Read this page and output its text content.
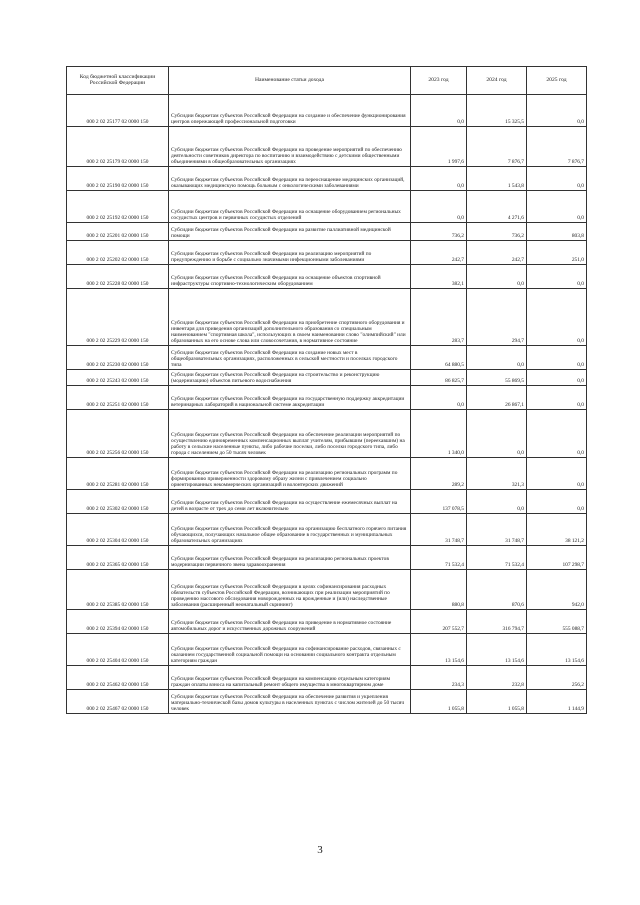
Код бюджетной классификации Российской Федерации	Наименование статьи дохода	2023 год	2024 год	2025 год
000 2 02 25177 02 0000 150	Субсидии бюджетам субъектов Российской Федерации на создание и обеспечение функционирования центров опережающей профессиональной подготовки	0,0	15 325,5	0,0
000 2 02 25179 02 0000 150	Субсидии бюджетам субъектов Российской Федерации на проведение мероприятий по обеспечению деятельности советников директора по воспитанию и взаимодействию с детскими общественными объединениями в общеобразовательных организациях	1 997,6	7 876,7	7 876,7
000 2 02 25190 02 0000 150	Субсидии бюджетам субъектов Российской Федерации на переоснащение медицинских организаций, оказывающих медицинскую помощь больным с онкологическими заболеваниями	0,0	1 543,8	0,0
000 2 02 25192 02 0000 150	Субсидии бюджетам субъектов Российской Федерации на оснащение оборудованием региональных сосудистых центров и первичных сосудистых отделений	0,0	4 271,6	0,0
000 2 02 25201 02 0000 150	Субсидии бюджетам субъектов Российской Федерации на развитие паллиативной медицинской помощи	736,2	736,2	803,8
000 2 02 25202 02 0000 150	Субсидии бюджетам субъектов Российской Федерации на реализацию мероприятий по предупреждению и борьбе с социально значимыми инфекционными заболеваниями	242,7	242,7	251,0
000 2 02 25228 02 0000 150	Субсидии бюджетам субъектов Российской Федерации на оснащение объектов спортивной инфраструктуры спортивно-технологическим оборудованием	382,1	0,0	0,0
000 2 02 25229 02 0000 150	Субсидии бюджетам субъектов Российской Федерации на приобретение спортивного оборудования и инвентаря для приведения организаций дополнительного образования со специальным наименованием "спортивная школа", использующих в своем наименовании слово "олимпийский" или образованных на его основе слова или словосочетания, в нормативное состояние	283,7	294,7	0,0
000 2 02 25230 02 0000 150	Субсидии бюджетам субъектов Российской Федерации на создание новых мест в общеобразовательных организациях, расположенных в сельской местности и поселках городского типа	64 880,5	0,0	0,0
000 2 02 25243 02 0000 150	Субсидии бюджетам субъектов Российской Федерации на строительство и реконструкцию (модернизацию) объектов питьевого водоснабжения	86 825,7	55 869,5	0,0
000 2 02 25251 02 0000 150	Субсидии бюджетам субъектов Российской Федерации на государственную поддержку аккредитации ветеринарных лабораторий в национальной системе аккредитации	0,0	26 867,1	0,0
000 2 02 25256 02 0000 150	Субсидии бюджетам субъектов Российской Федерации на обеспечение реализации мероприятий по осуществлению единовременных компенсационных выплат учителям, прибывшим (переехавшим) на работу в сельские населенные пункты, либо рабочие поселки, либо поселки городского типа, либо города с населением до 50 тысяч человек	1 340,0	0,0	0,0
000 2 02 25281 02 0000 150	Субсидии бюджетам субъектов Российской Федерации на реализацию региональных программ по формированию приверженности здоровому образу жизни с привлечением социально ориентированных некоммерческих организаций и волонтерских движений	289,2	321,3	0,0
000 2 02 25302 02 0000 150	Субсидии бюджетам субъектов Российской Федерации на осуществление ежемесячных выплат на детей в возрасте от трех до семи лет включительно	137 078,5	0,0	0,0
000 2 02 25304 02 0000 150	Субсидии бюджетам субъектов Российской Федерации на организацию бесплатного горячего питания обучающихся, получающих начальное общее образование в государственных и муниципальных образовательных организациях	31 748,7	31 748,7	38 121,2
000 2 02 25365 02 0000 150	Субсидии бюджетам субъектов Российской Федерации на реализацию региональных проектов модернизации первичного звена здравоохранения	71 532,4	71 532,4	107 298,7
000 2 02 25385 02 0000 150	Субсидии бюджетам субъектов Российской Федерации в целях софинансирования расходных обязательств субъектов Российской Федерации, возникающих при реализации мероприятий по проведению массового обследования новорожденных на врожденные и (или) наследственные заболевания (расширенный неонатальный скрининг)	880,8	870,6	942,0
000 2 02 25394 02 0000 150	Субсидии бюджетам субъектов Российской Федерации на приведение в нормативное состояние автомобильных дорог и искусственных дорожных сооружений	207 552,7	316 794,7	555 088,7
000 2 02 25404 02 0000 150	Субсидии бюджетам субъектов Российской Федерации на софинансирование расходов, связанных с оказанием государственной социальной помощи на основании социального контракта отдельным категориям граждан	13 154,6	13 154,6	13 154,6
000 2 02 25462 02 0000 150	Субсидии бюджетам субъектов Российской Федерации на компенсацию отдельным категориям граждан оплаты взноса на капитальный ремонт общего имущества в многоквартирном доме	234,3	232,8	256,2
000 2 02 25467 02 0000 150	Субсидии бюджетам субъектов Российской Федерации на обеспечение развития и укрепления материально-технической базы домов культуры в населенных пунктах с числом жителей до 50 тысяч человек	1 055,8	1 055,8	1 144,9
3
